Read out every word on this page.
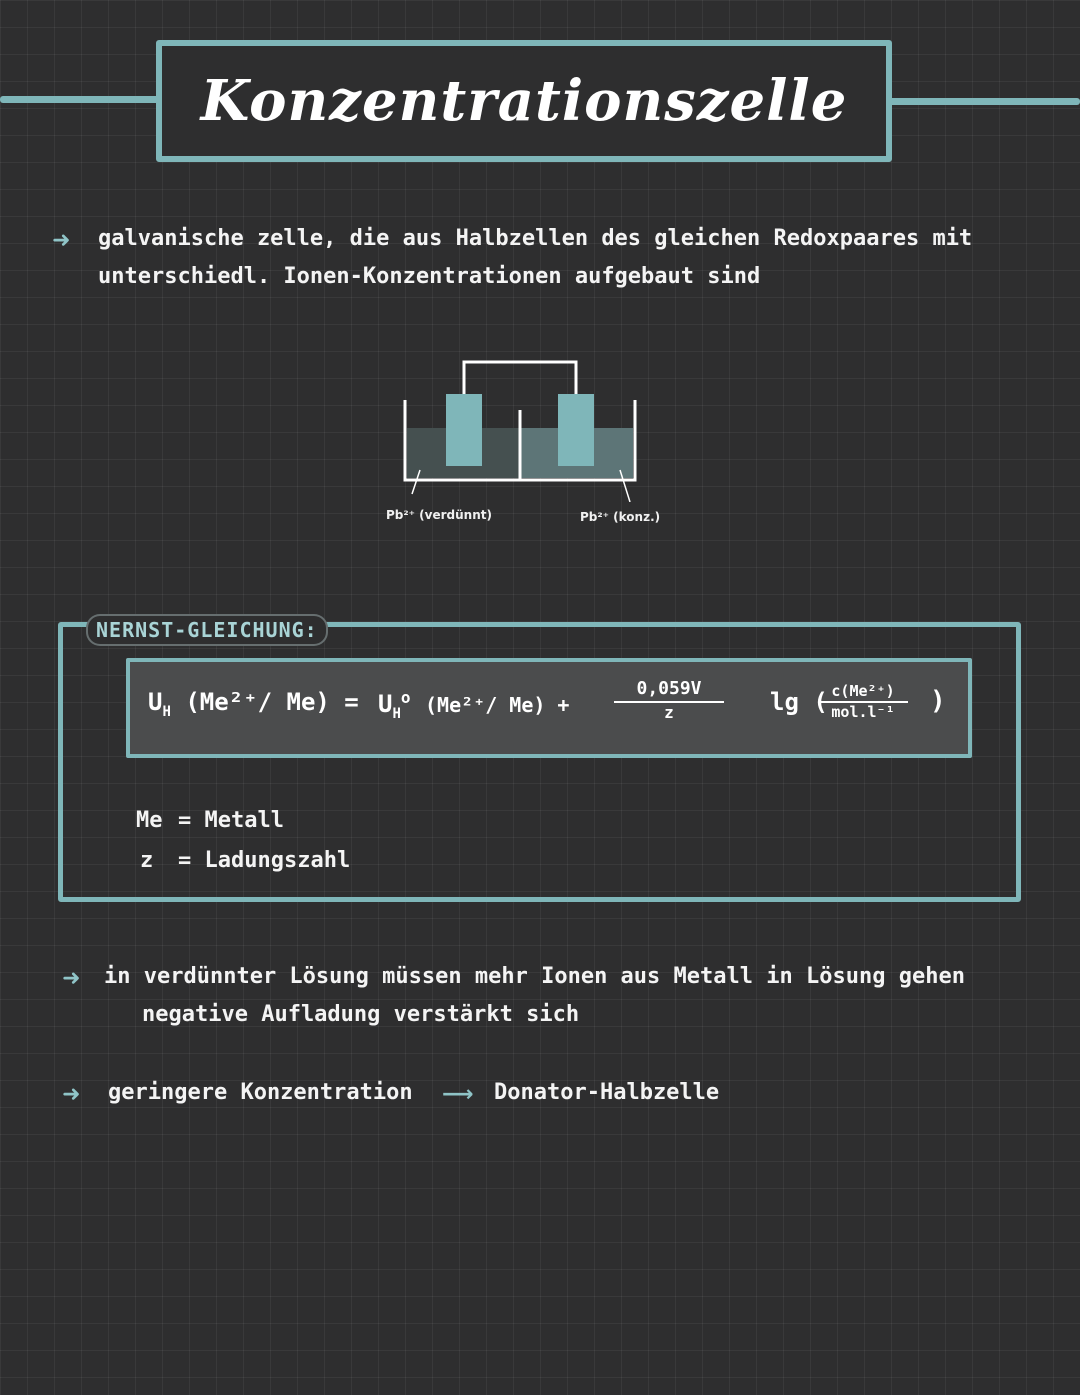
Konzentrationszelle
➜ galvanische zelle, die aus Halbzellen des gleichen Redoxpaares mit
unterschiedl. Ionen-Konzentrationen aufgebaut sind
Pb²⁺ (verdünnt)	Pb²⁺ (konz.)
NERNST-GLEICHUNG:
$U_H$ (Me²⁺/ $Me) = U_H^o$ (Me²⁺/ $Me) + \frac{0,059V}{z}$ lg ( c(Me²⁺)
mol.l⁻¹	)
Me = Metall
z = Ladungszahl
➜ in verdünnter Lösung müssen mehr Ionen aus Metall in Lösung gehen
negative Aufladung verstärkt sich
➜ geringere Konzentration ⟶ Donator-Halbzelle
